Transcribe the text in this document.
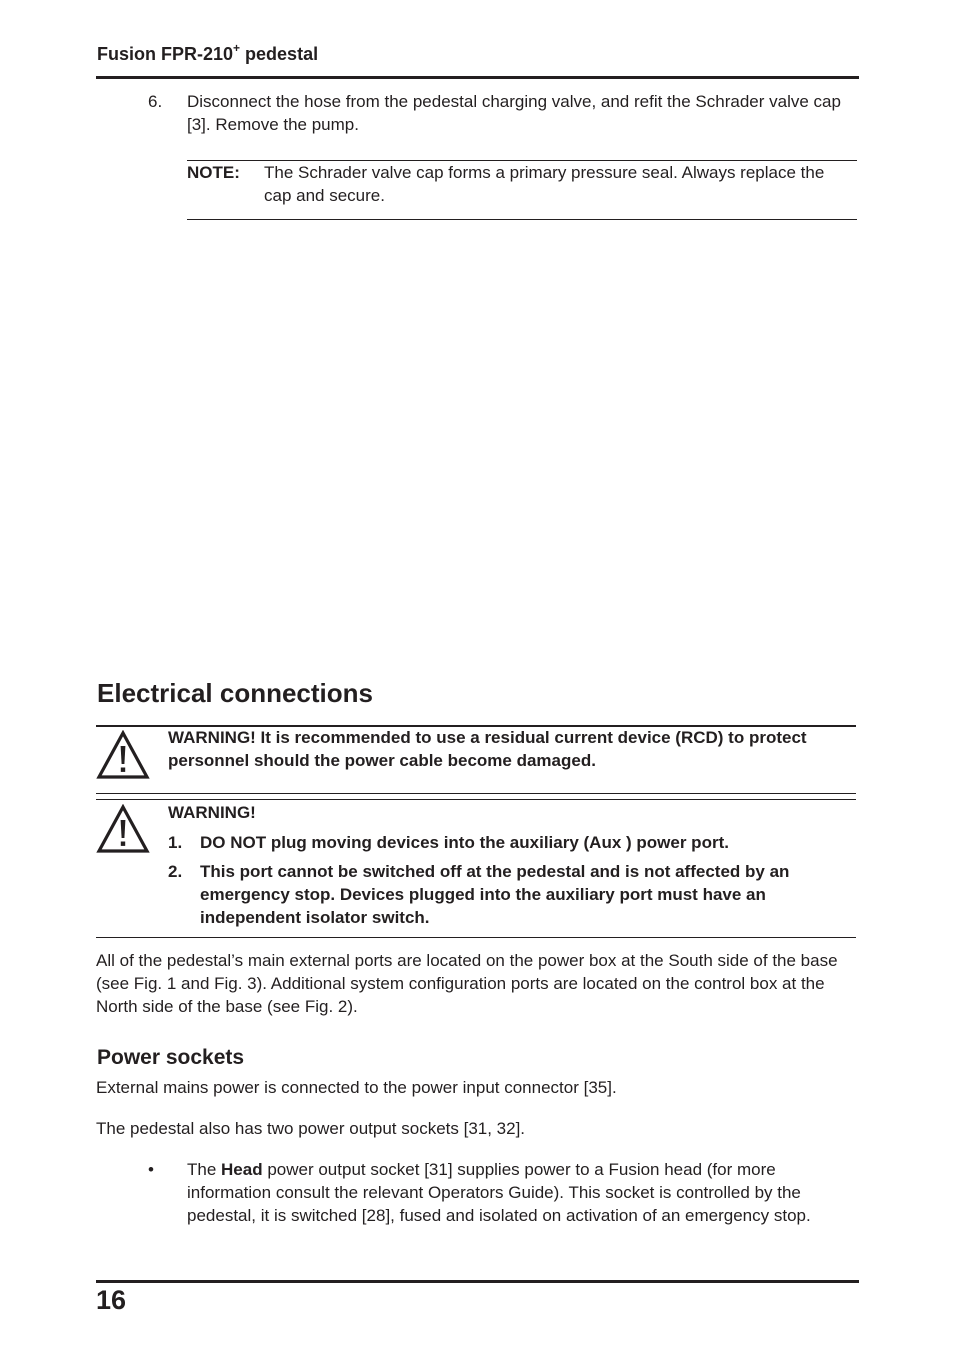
Fusion FPR-210+ pedestal
6. Disconnect the hose from the pedestal charging valve, and refit the Schrader valve cap [3]. Remove the pump.
NOTE: The Schrader valve cap forms a primary pressure seal. Always replace the cap and secure.
Electrical connections
WARNING! It is recommended to use a residual current device (RCD) to protect personnel should the power cable become damaged.
WARNING!
1. DO NOT plug moving devices into the auxiliary (Aux ) power port.
2. This port cannot be switched off at the pedestal and is not affected by an emergency stop. Devices plugged into the auxiliary port must have an independent isolator switch.
All of the pedestal’s main external ports are located on the power box at the South side of the base (see Fig. 1 and Fig. 3). Additional system configuration ports are located on the control box at the North side of the base (see Fig. 2).
Power sockets
External mains power is connected to the power input connector [35].
The pedestal also has two power output sockets [31, 32].
• The Head power output socket [31] supplies power to a Fusion head (for more information consult the relevant Operators Guide). This socket is controlled by the pedestal, it is switched [28], fused and isolated on activation of an emergency stop.
16
